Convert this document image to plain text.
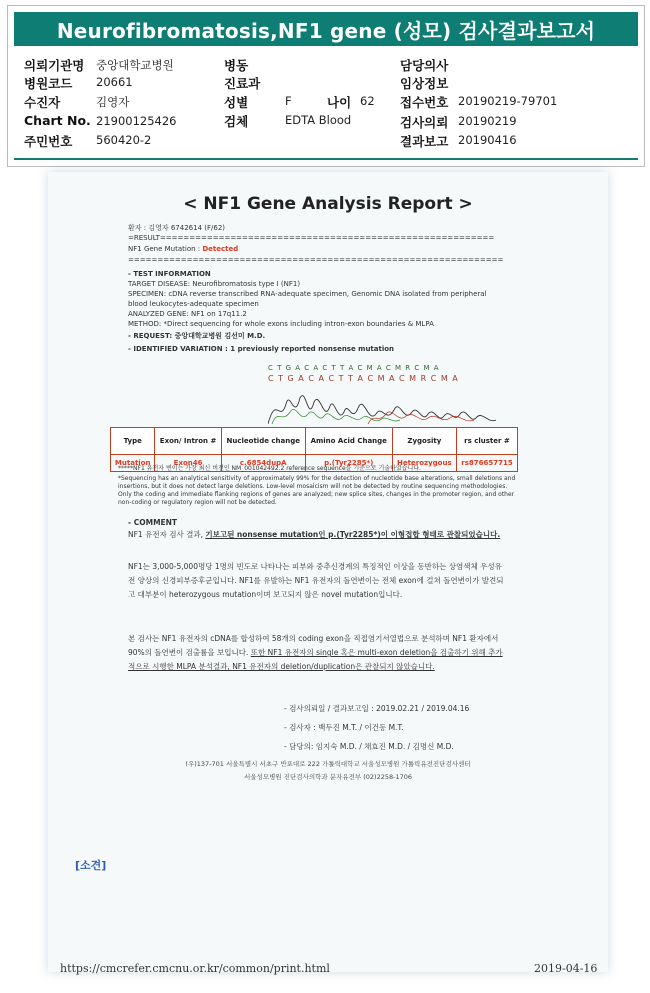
Neurofibromatosis,NF1 gene (성모) 검사결과보고서
의뢰기관명 중앙대학교병원	병동	담당의사
병원코드 20661	진료과	임상정보
수진자	김영자	성별	F	나이 62 접수번호 20190219-79701
Chart No. 21900125426	검체	EDTA Blood	검사의뢰 20190219
주민번호 560420-2	결과보고 20190416
< NF1 Gene Analysis Report >
환자 : 김영자 6742614 (F/62)
=RESULT=========================================================
NF1 Gene Mutation : Detected
================================================================
- TEST INFORMATION
TARGET DISEASE: Neurofibromatosis type I (NF1)
SPECIMEN: cDNA reverse transcribed RNA-adequate specimen, Genomic DNA isolated from peripheral blood leukocytes-adequate specimen
ANALYZED GENE: NF1 on 17q11.2
METHOD: *Direct sequencing for whole exons including intron-exon boundaries & MLPA
- REQUEST: 중앙대학교병원 김선미 M.D.
- IDENTIFIED VARIATION : 1 previously reported nonsense mutation
C T G A C A C T T A C M A C M R C M A
C T G A C A C T T A C M A C M R C M A
Type	Exon/ Intron #	Nucleotide change	Amino Acid Change	Zygosity	rs cluster #
Mutation	Exon46	c.6854dupA	p.(Tyr2285*)	Heterozygous	rs876657715
*****NF1 유전자 변이는 가장 최신 버전인 NM_001042492.2 reference sequence를 기준으로 기술하였습니다.
*Sequencing has an analytical sensitivity of approximately 99% for the detection of nucleotide base alterations, small deletions and insertions, but it does not detect large deletions. Low-level mosaicism will not be detected by routine sequencing methodologies. Only the coding and immediate flanking regions of genes are analyzed; new splice sites, changes in the promoter region, and other non-coding or regulatory region will not be detected.
- COMMENT
NF1 유전자 검사 결과, 기보고된 nonsense mutation인 p.(Tyr2285*)이 이형접합 형태로 관찰되었습니다.
NF1는 3,000-5,000명당 1명의 빈도로 나타나는 피부와 중추신경계의 특징적인 이상을 동반하는 상염색체 우성유전 양상의 신경피부증후군입니다. NF1를 유발하는 NF1 유전자의 돌연변이는 전체 exon에 걸쳐 돌연변이가 발견되고 대부분이 heterozygous mutation이며 보고되지 않은 novel mutation입니다.
본 검사는 NF1 유전자의 cDNA를 합성하여 58개의 coding exon을 직접염기서열법으로 분석하며 NF1 환자에서 90%의 돌연변이 검출률을 보입니다. 또한 NF1 유전자의 single 혹은 multi-exon deletion을 검출하기 위해 추가적으로 시행한 MLPA 분석결과, NF1 유전자의 deletion/duplication은 관찰되지 않았습니다.
- 검사의뢰일 / 결과보고일 : 2019.02.21 / 2019.04.16
- 검사자 : 백두진 M.T. / 이건동 M.T.
- 담당의: 임지숙 M.D. / 채효진 M.D. / 김명신 M.D.
(우)137-701 서울특별시 서초구 반포대로 222 가톨릭대학교 서울성모병원 가톨릭유전진단검사센터
서울성모병원 진단검사의학과 분자유전부 (02)2258-1706
[소견]
https://cmcrefer.cmcnu.or.kr/common/print.html	2019-04-16
